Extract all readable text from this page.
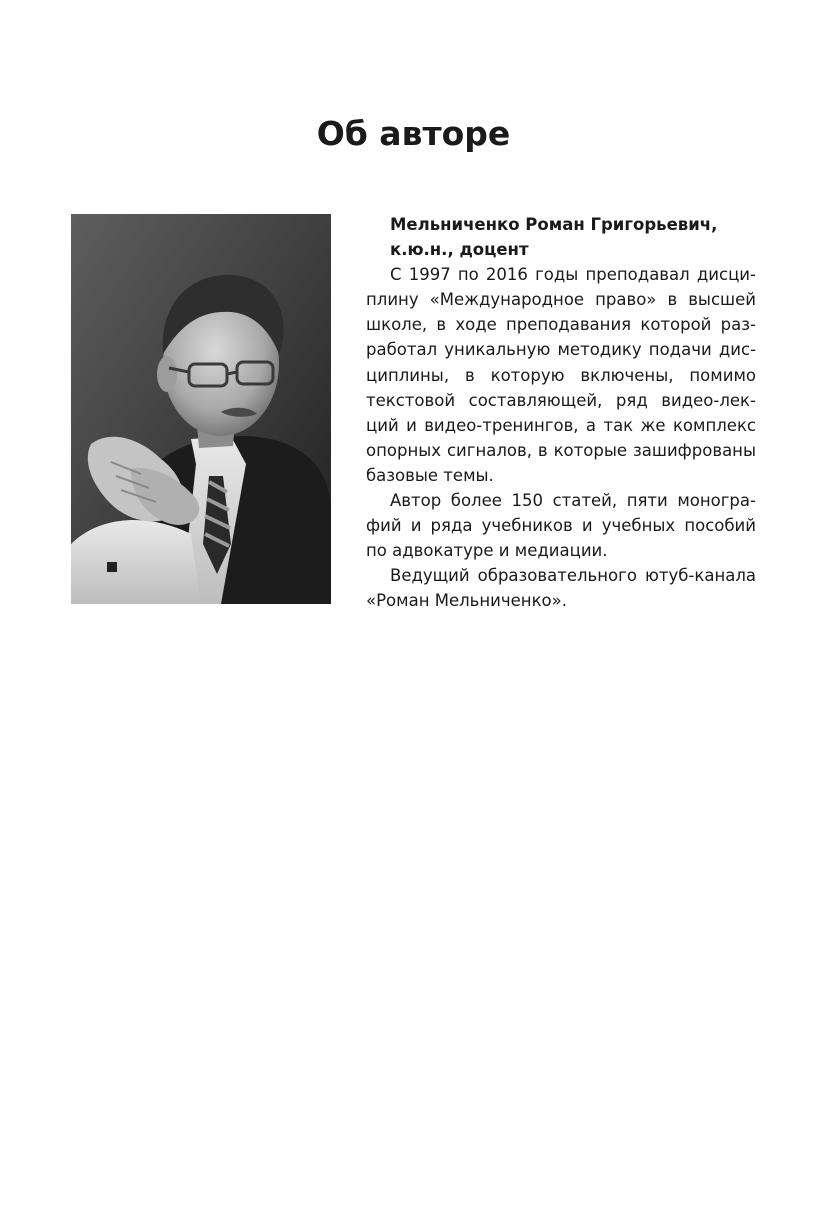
Об авторе
Мельниченко Роман Григорьевич,
к.ю.н., доцент

С 1997 по 2016 годы преподавал дисциплину «Международное право» в высшей школе, в ходе преподавания которой разработал уникальную методику подачи дисциплины, в которую включены, помимо текстовой составляющей, ряд видео-лекций и видео-тренингов, а так же комплекс опорных сигналов, в которые зашифрованы базовые темы.

Автор более 150 статей, пяти монографий и ряда учебников и учебных пособий по адвокатуре и медиации.

Ведущий образовательного ютуб-канала «Роман Мельниченко».
